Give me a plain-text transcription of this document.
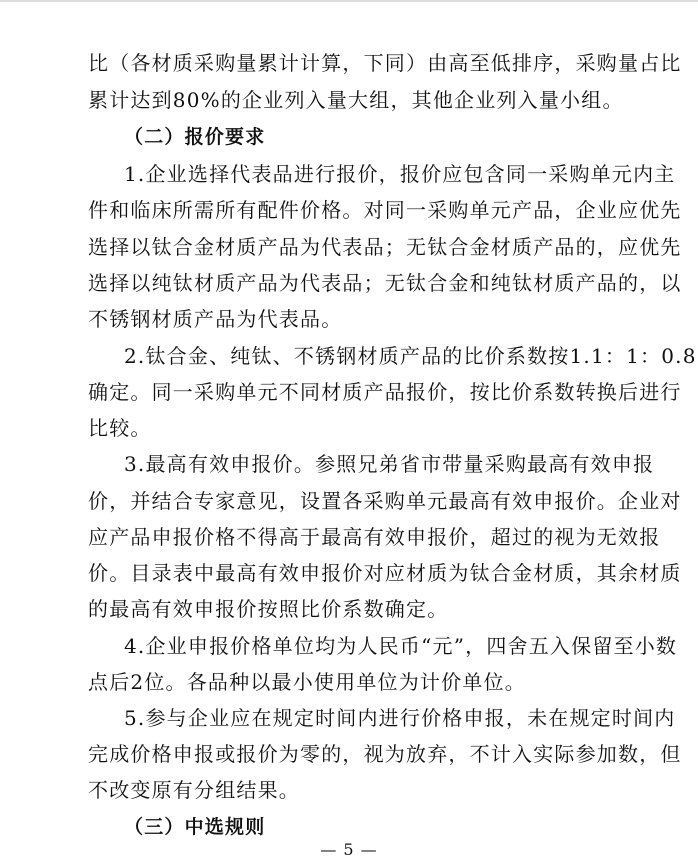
比（各材质采购量累计计算，下同）由高至低排序，采购量占比
累计达到80%的企业列入量大组，其他企业列入量小组。
（二）报价要求
1.企业选择代表品进行报价，报价应包含同一采购单元内主
件和临床所需所有配件价格。对同一采购单元产品，企业应优先
选择以钛合金材质产品为代表品；无钛合金材质产品的，应优先
选择以纯钛材质产品为代表品；无钛合金和纯钛材质产品的，以
不锈钢材质产品为代表品。
2.钛合金、纯钛、不锈钢材质产品的比价系数按1.1：1：0.8
确定。同一采购单元不同材质产品报价，按比价系数转换后进行
比较。
3.最高有效申报价。参照兄弟省市带量采购最高有效申报
价，并结合专家意见，设置各采购单元最高有效申报价。企业对
应产品申报价格不得高于最高有效申报价，超过的视为无效报
价。目录表中最高有效申报价对应材质为钛合金材质，其余材质
的最高有效申报价按照比价系数确定。
4.企业申报价格单位均为人民币“元”，四舍五入保留至小数
点后2位。各品种以最小使用单位为计价单位。
5.参与企业应在规定时间内进行价格申报，未在规定时间内
完成价格申报或报价为零的，视为放弃，不计入实际参加数，但
不改变原有分组结果。
（三）中选规则
— 5 —
